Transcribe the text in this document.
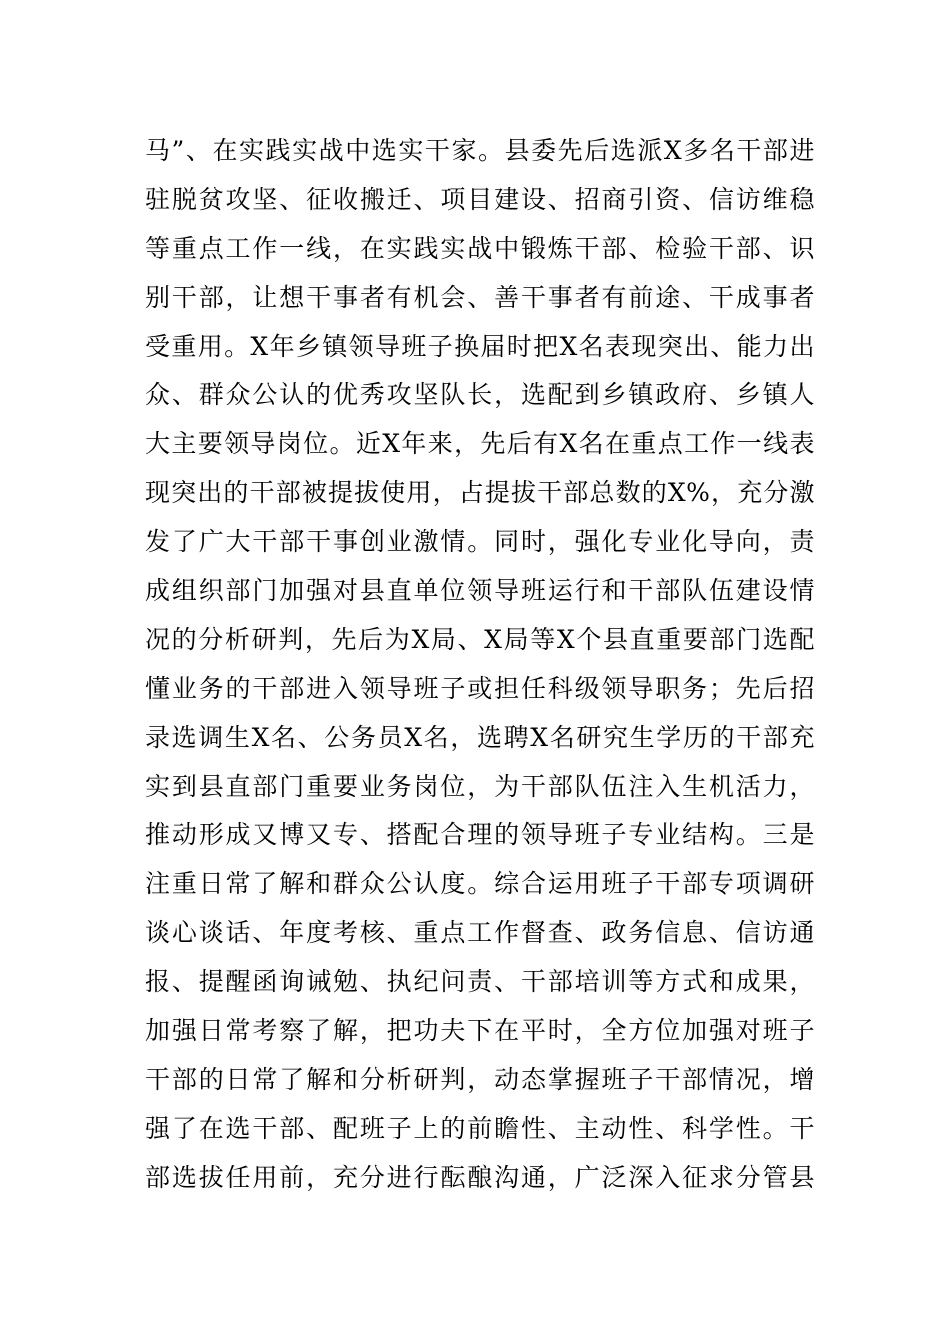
马”、在实践实战中选实干家。县委先后选派X多名干部进
驻脱贫攻坚、征收搬迁、项目建设、招商引资、信访维稳
等重点工作一线，在实践实战中锻炼干部、检验干部、识
别干部，让想干事者有机会、善干事者有前途、干成事者
受重用。X年乡镇领导班子换届时把X名表现突出、能力出
众、群众公认的优秀攻坚队长，选配到乡镇政府、乡镇人
大主要领导岗位。近X年来，先后有X名在重点工作一线表
现突出的干部被提拔使用，占提拔干部总数的X%，充分激
发了广大干部干事创业激情。同时，强化专业化导向，责
成组织部门加强对县直单位领导班运行和干部队伍建设情
况的分析研判，先后为X局、X局等X个县直重要部门选配
懂业务的干部进入领导班子或担任科级领导职务；先后招
录选调生X名、公务员X名，选聘X名研究生学历的干部充
实到县直部门重要业务岗位，为干部队伍注入生机活力，
推动形成又博又专、搭配合理的领导班子专业结构。三是
注重日常了解和群众公认度。综合运用班子干部专项调研
谈心谈话、年度考核、重点工作督查、政务信息、信访通
报、提醒函询诫勉、执纪问责、干部培训等方式和成果，
加强日常考察了解，把功夫下在平时，全方位加强对班子
干部的日常了解和分析研判，动态掌握班子干部情况，增
强了在选干部、配班子上的前瞻性、主动性、科学性。干
部选拔任用前，充分进行酝酿沟通，广泛深入征求分管县
